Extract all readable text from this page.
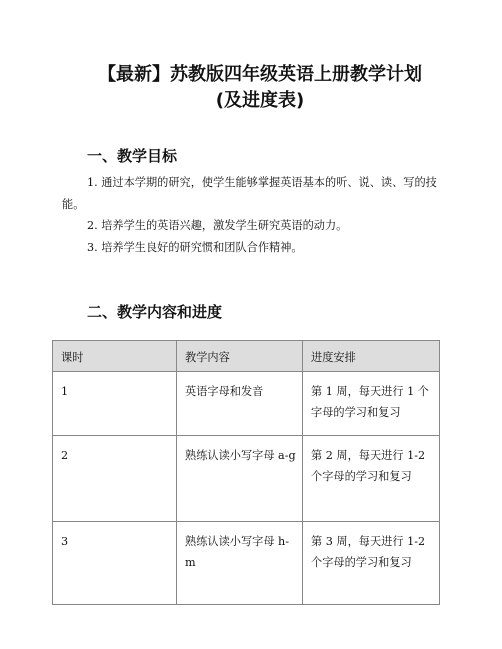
【最新】苏教版四年级英语上册教学计划
(及进度表)
一、教学目标

1. 通过本学期的研究，使学生能够掌握英语基本的听、说、读、写的技能。

2. 培养学生的英语兴趣，激发学生研究英语的动力。

3. 培养学生良好的研究惯和团队合作精神。

二、教学内容和进度
课时	教学内容	进度安排
1	英语字母和发音	第 1 周，每天进行 1 个字母的学习和复习
2	熟练认读小写字母 a-g	第 2 周，每天进行 1-2 个字母的学习和复习
3	熟练认读小写字母 h-m	第 3 周，每天进行 1-2 个字母的学习和复习
